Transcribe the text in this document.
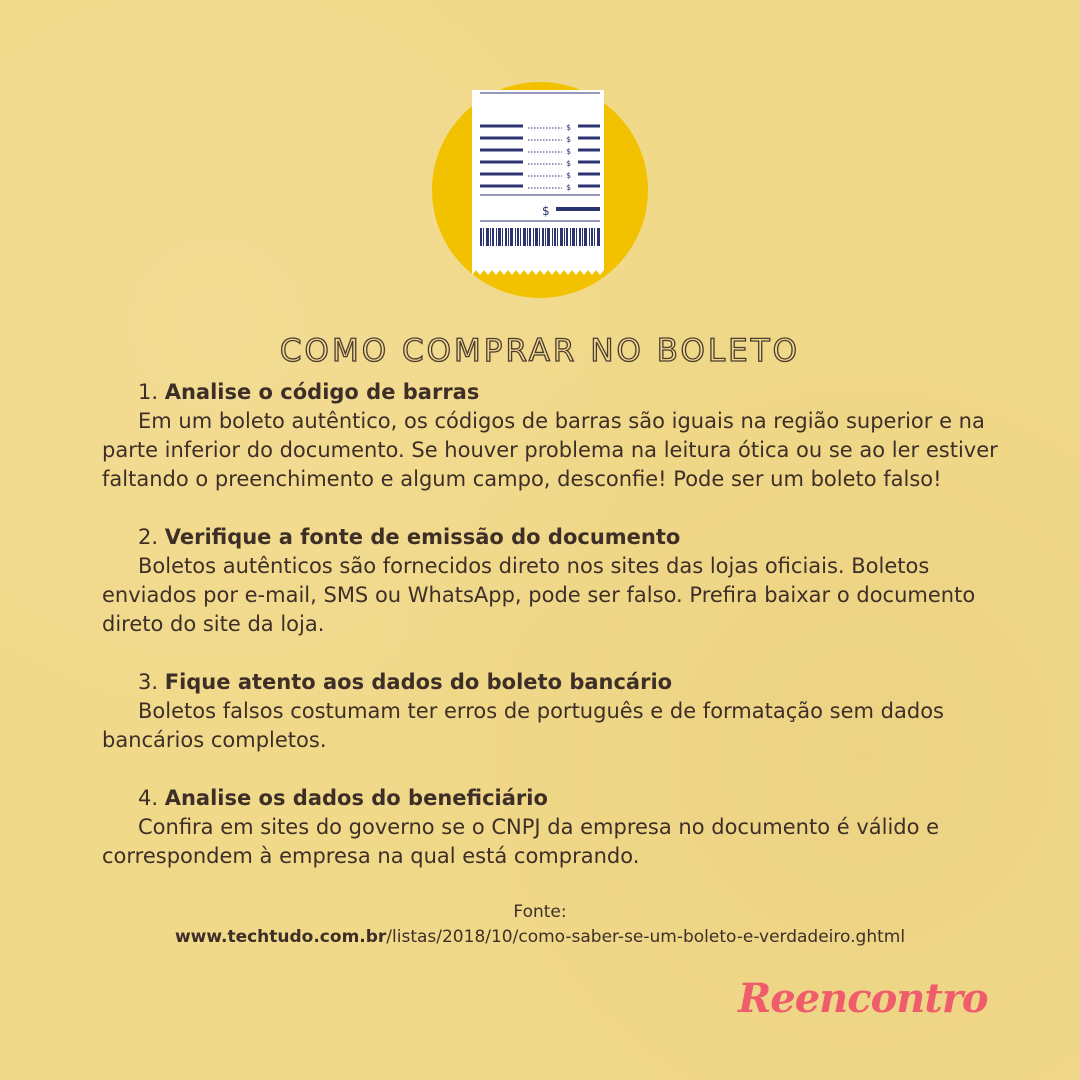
$
$
$
$
$
$
$
COMO COMPRAR NO BOLETO
1. Analise o código de barras
Em um boleto autêntico, os códigos de barras são iguais na região superior e na parte inferior do documento. Se houver problema na leitura ótica ou se ao ler estiver faltando o preenchimento e algum campo, desconfie! Pode ser um boleto falso!
2. Verifique a fonte de emissão do documento
Boletos autênticos são fornecidos direto nos sites das lojas oficiais. Boletos enviados por e-mail, SMS ou WhatsApp, pode ser falso. Prefira baixar o documento direto do site da loja.
3. Fique atento aos dados do boleto bancário
Boletos falsos costumam ter erros de português e de formatação sem dados bancários completos.
4. Analise os dados do beneficiário
Confira em sites do governo se o CNPJ da empresa no documento é válido e correspondem à empresa na qual está comprando.
Fonte:
www.techtudo.com.br/listas/2018/10/como-saber-se-um-boleto-e-verdadeiro.ghtml
Reencontro
